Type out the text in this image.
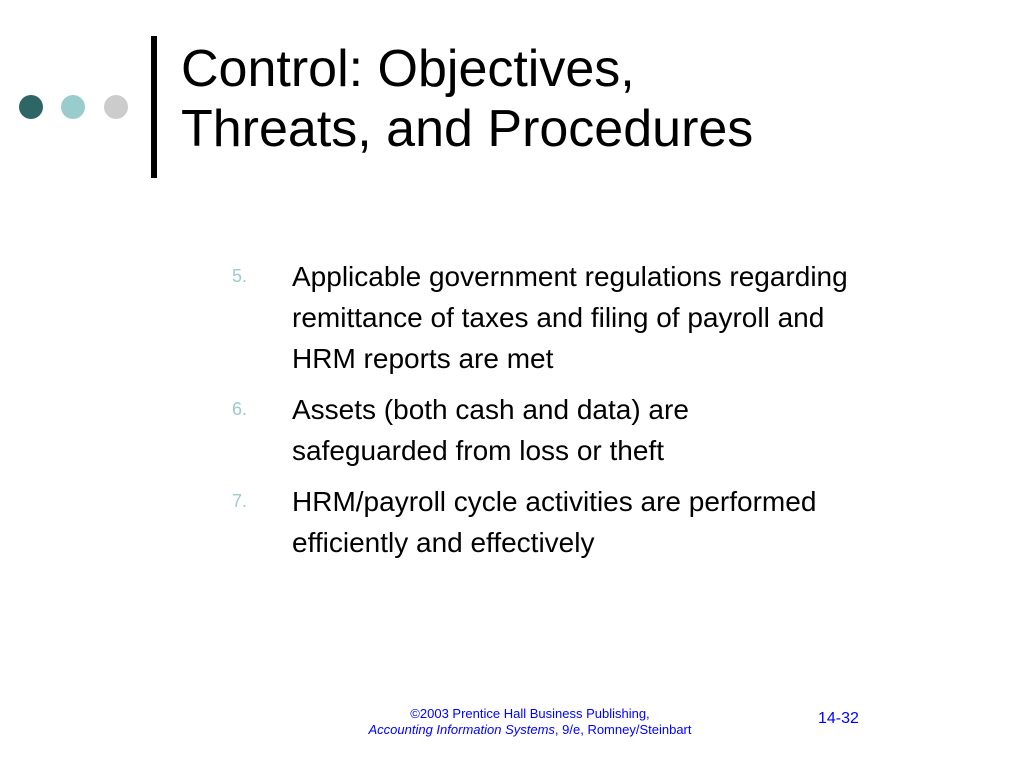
Control: Objectives,
Threats, and Procedures
5. Applicable government regulations regarding remittance of taxes and filing of payroll and HRM reports are met
6. Assets (both cash and data) are safeguarded from loss or theft
7. HRM/payroll cycle activities are performed efficiently and effectively
©2003 Prentice Hall Business Publishing,
Accounting Information Systems, 9/e, Romney/Steinbart
14-32
